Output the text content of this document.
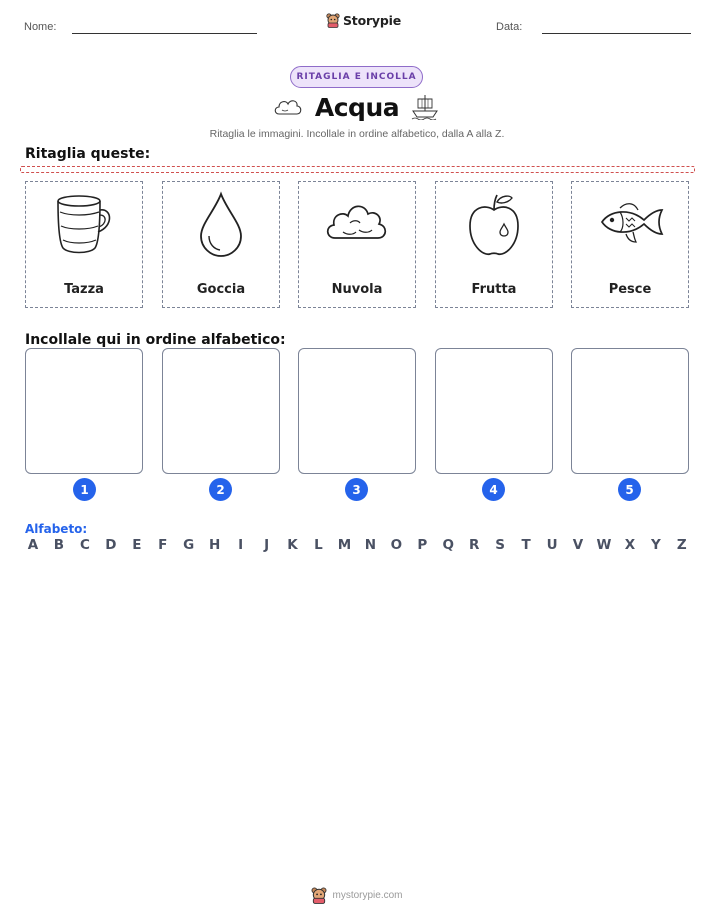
Nome:	Storypie	Data:
RITAGLIA E INCOLLA
Acqua
Ritaglia le immagini. Incollale in ordine alfabetico, dalla A alla Z.
Ritaglia queste:
Tazza	Goccia	Nuvola	Frutta	Pesce
Incollale qui in ordine alfabetico:
1	2	3	4	5
Alfabeto:
A B C D E F G H	I	J	K L M N O P Q R S T U V W X Y Z
mystorypie.com
